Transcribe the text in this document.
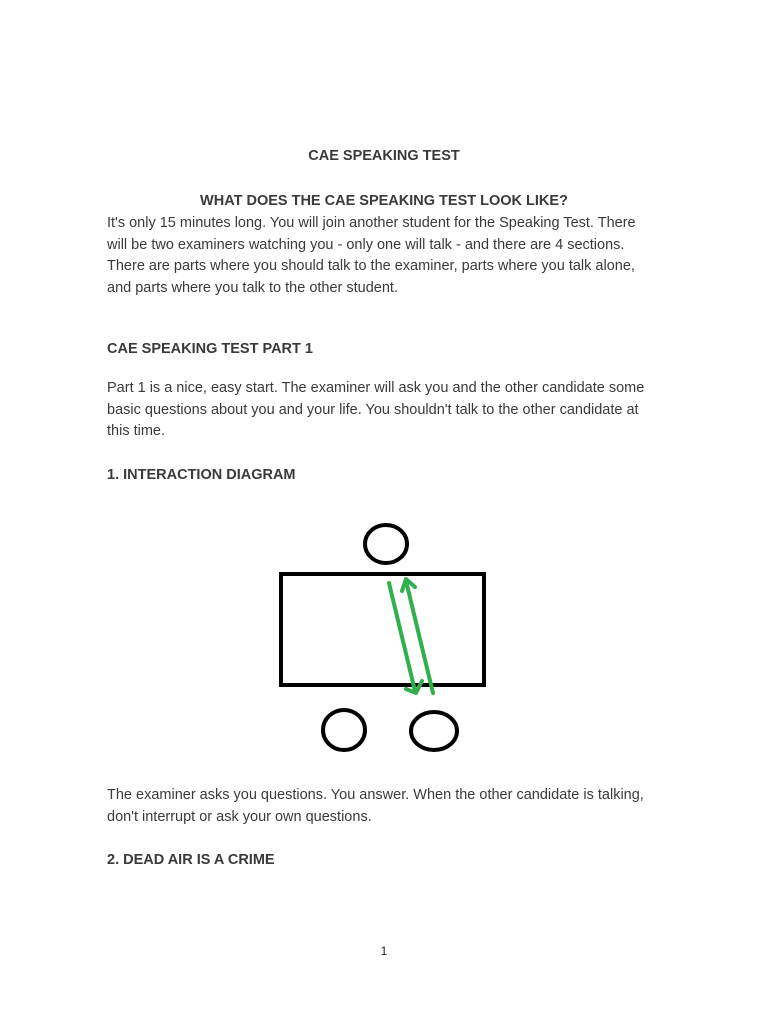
CAE SPEAKING TEST
WHAT DOES THE CAE SPEAKING TEST LOOK LIKE?

It's only 15 minutes long. You will join another student for the Speaking Test. There will be two examiners watching you - only one will talk - and there are 4 sections. There are parts where you should talk to the examiner, parts where you talk alone, and parts where you talk to the other student.

CAE SPEAKING TEST PART 1

Part 1 is a nice, easy start. The examiner will ask you and the other candidate some basic questions about you and your life. You shouldn't talk to the other candidate at this time.

1. INTERACTION DIAGRAM

The examiner asks you questions. You answer. When the other candidate is talking, don't interrupt or ask your own questions.

2. DEAD AIR IS A CRIME
1
